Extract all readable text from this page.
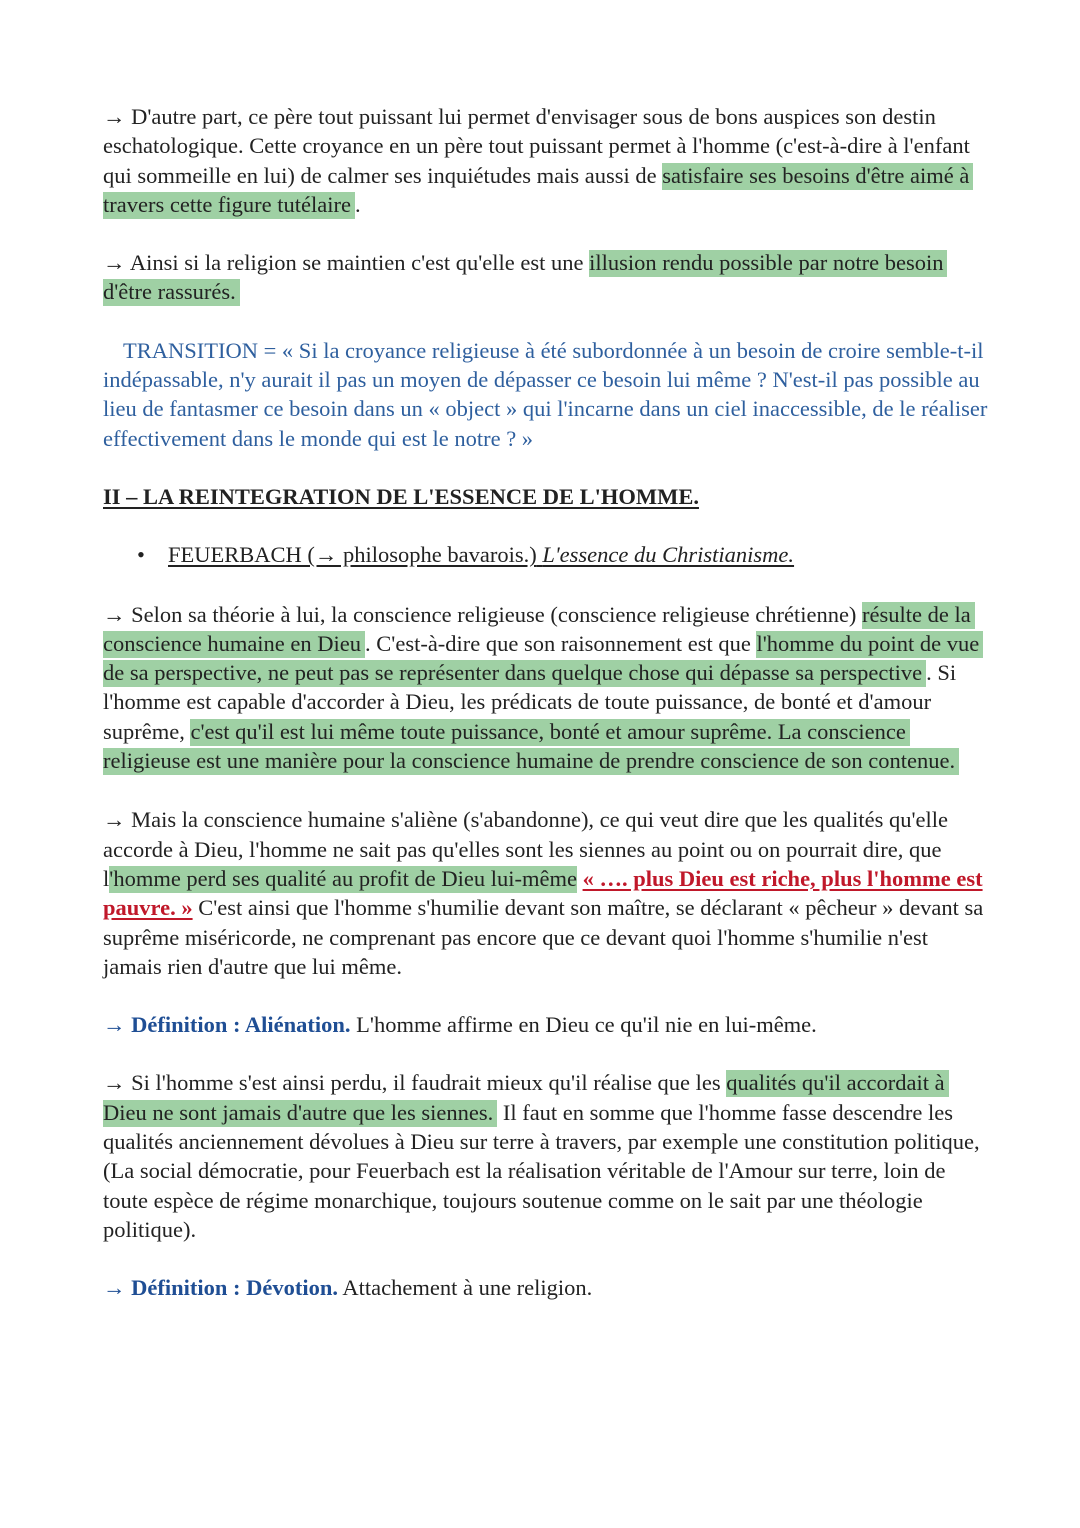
→ D'autre part, ce père tout puissant lui permet d'envisager sous de bons auspices son destin eschatologique. Cette croyance en un père tout puissant permet à l'homme (c'est-à-dire à l'enfant qui sommeille en lui) de calmer ses inquiétudes mais aussi de satisfaire ses besoins d'être aimé à travers cette figure tutélaire .

→ Ainsi si la religion se maintien c'est qu'elle est une illusion rendu possible par notre besoin d'être rassurés.

TRANSITION = « Si la croyance religieuse à été subordonnée à un besoin de croire semble-t-il indépassable, n'y aurait il pas un moyen de dépasser ce besoin lui même ? N'est-il pas possible au lieu de fantasmer ce besoin dans un « object » qui l'incarne dans un ciel inaccessible, de le réaliser effectivement dans le monde qui est le notre ? »

II – LA REINTEGRATION DE L'ESSENCE DE L'HOMME.

• FEUERBACH (→ philosophe bavarois.) L'essence du Christianisme.

→ Selon sa théorie à lui, la conscience religieuse (conscience religieuse chrétienne) résulte de la conscience humaine en Dieu . C'est-à-dire que son raisonnement est que l'homme du point de vue de sa perspective, ne peut pas se représenter dans quelque chose qui dépasse sa perspective . Si l'homme est capable d'accorder à Dieu, les prédicats de toute puissance, de bonté et d'amour suprême, c'est qu'il est lui même toute puissance, bonté et amour suprême. La conscience religieuse est une manière pour la conscience humaine de prendre conscience de son contenue.

→ Mais la conscience humaine s'aliène (s'abandonne), ce qui veut dire que les qualités qu'elle accorde à Dieu, l'homme ne sait pas qu'elles sont les siennes au point ou on pourrait dire, que l'homme perd ses qualité au profit de Dieu lui-même « …. plus Dieu est riche, plus l'homme est pauvre. » C'est ainsi que l'homme s'humilie devant son maître, se déclarant « pêcheur » devant sa suprême miséricorde, ne comprenant pas encore que ce devant quoi l'homme s'humilie n'est jamais rien d'autre que lui même.

→ Définition : Aliénation. L'homme affirme en Dieu ce qu'il nie en lui-même.

→ Si l'homme s'est ainsi perdu, il faudrait mieux qu'il réalise que les qualités qu'il accordait à Dieu ne sont jamais d'autre que les siennes. Il faut en somme que l'homme fasse descendre les qualités anciennement dévolues à Dieu sur terre à travers, par exemple une constitution politique, (La social démocratie, pour Feuerbach est la réalisation véritable de l'Amour sur terre, loin de toute espèce de régime monarchique, toujours soutenue comme on le sait par une théologie politique).

→ Définition : Dévotion. Attachement à une religion.
